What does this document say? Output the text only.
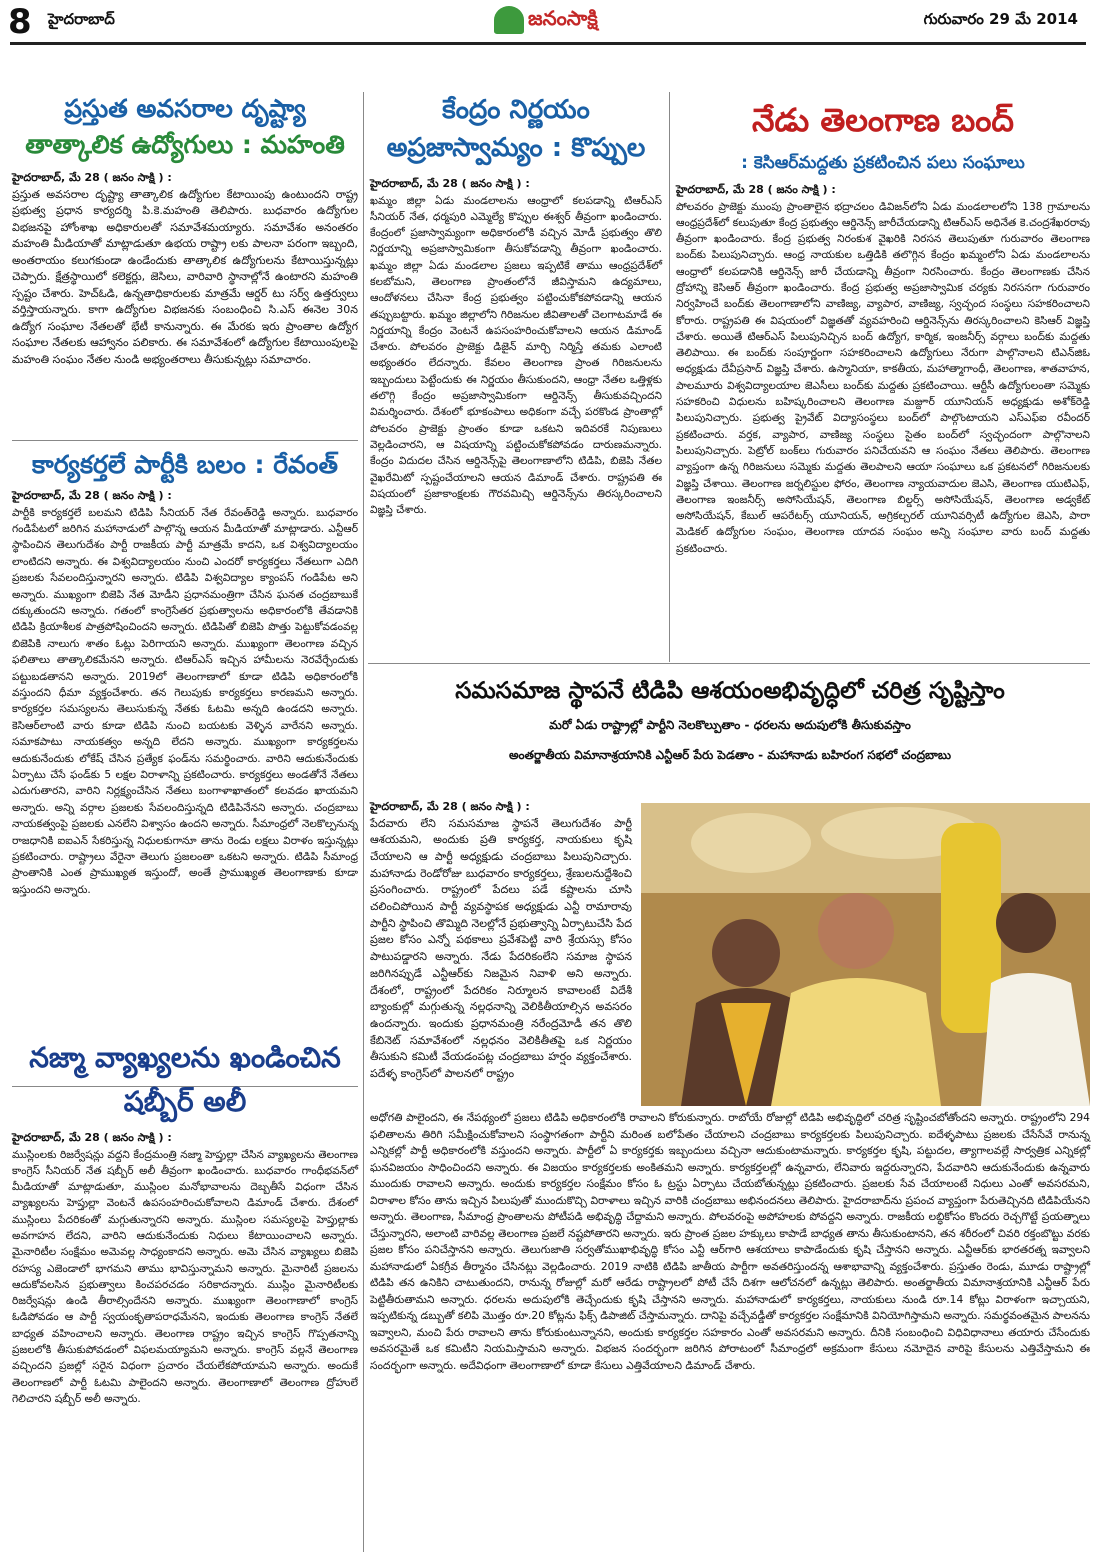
8 హైదరాబాద్	జనంసాక్షి	గురువారం 29 మే 2014

ప్రస్తుత అవసరాల దృష్ట్యా

తాత్కాలిక ఉద్యోగులు : మహంతి

హైదరాబాద్‌, మే 28 ( జనం సాక్షి ) :

ప్రస్తుత అవసరాల దృష్ట్యా తాత్కాలిక ఉద్యోగుల కేటాయింపు ఉంటుందని రాష్ట్ర ప్రభుత్వ ప్రధాన కార్యదర్శి పి.కె.మహంతి తెలిపారు. బుధవారం ఉద్యోగుల విభజనపై హోంశాఖ అధికారులతో సమావేశమయ్యారు. సమావేశం అనంతరం మహంతి మీడియాతో మాట్లాడుతూ ఉభయ రాష్ట్రా లకు పాలనా పరంగా ఇబ్బంది, అంతరాయం కలుగకుండా ఉండేందుకు తాత్కాలిక ఉద్యోగులను కేటాయిస్తున్నట్లు చెప్పారు. క్షేత్రస్థాయిలో కలెక్టర్లు, జెసిలు, వారివారి స్థానాల్లోనే ఉంటారని మహంతి స్పష్టం చేశారు. హెచ్‌ఓడి, ఉన్నతాధికారులకు మాత్రమే ఆర్డర్‌ టు సర్వ్‌ ఉత్తర్వులు వర్తిస్తాయన్నారు. కాగా ఉద్యోగుల విభజనకు సంబంధించి సి.ఎస్‌ ఈనెల 30న ఉద్యోగ సంఘాల నేతలతో భేటీ కానున్నారు. ఈ మేరకు ఇరు ప్రాంతాల ఉద్యోగ సంఘాల నేతలకు ఆహ్వానం పలికారు. ఈ సమావేశంలో ఉద్యోగుల కేటాయింపులపై మహంతి సంఘం నేతల నుండి అభ్యంతరాలు తీసుకున్నట్లు సమాచారం.

కార్యకర్తలే పార్టీకి బలం : రేవంత్‌

హైదరాబాద్‌, మే 28 ( జనం సాక్షి ) :

పార్టీకి కార్యకర్తలే బలమని టిడిపి సీనియర్‌ నేత రేవంత్‌రెడ్డి అన్నారు. బుధవారం గండిపేటలో జరిగిన మహానాడులో పాల్గొన్న ఆయన మీడియాతో మాట్లాడారు. ఎన్టీఆర్‌ స్థాపించిన తెలుగుదేశం పార్టీ రాజకీయ పార్టీ మాత్రమే కాదని, ఒక విశ్వవిద్యాలయం లాంటిదని అన్నారు. ఈ విశ్వవిద్యాలయం నుంచి ఎందరో కార్యకర్తలు నేతలుగా ఎదిగి ప్రజలకు సేవలందిస్తున్నారని అన్నారు. టిడిపి విశ్వవిద్యాల క్యాంపస్‌ గండిపేట అని అన్నారు. ముఖ్యంగా బిజెపి నేత మోడీని ప్రధానమంత్రిగా చేసిన ఘనత చంద్రబాబుకే దక్కుతుందని అన్నారు. గతంలో కాంగ్రెసేతర ప్రభుత్వాలను అధికారంలోకి తేవడానికి టిడిపి క్రియాశీలక పాత్రపోషించిందని అన్నారు. టిడిపితో బిజెపి పొత్తు పెట్టుకోవడంవల్ల బిజెపికి నాలుగు శాతం ఓట్లు పెరిగాయని అన్నారు. ముఖ్యంగా తెలంగాణ వచ్చిన ఫలితాలు తాత్కాలికమేనని అన్నారు. టిఆర్‌ఎస్‌ ఇచ్చిన హామీలను నెరవేర్చేందుకు పట్టుబడతానని అన్నారు. 2019లో తెలంగాణాలో కూడా టిడిపి అధికారంలోకి వస్తుందని ధీమా వ్యక్తంచేశారు. తన గెలుపుకు కార్యకర్తలు కారణమని అన్నారు. కార్యకర్తల సమస్యలను తెలుసుకున్న నేతకు ఓటమి అన్నది ఉండదని అన్నారు. కెసిఆర్‌లాంటి వారు కూడా టిడిపి నుంచి బయటకు వెళ్ళిన వారేనని అన్నారు. సమాకపాటు నాయకత్వం అన్నది లేదని అన్నారు. ముఖ్యంగా కార్యకర్తలను ఆదుకునేందుకు లోకేష్‌ చేసిన ప్రత్యేక ఫండ్‌ను సమర్థించారు. వారిని ఆదుకునేందుకు ఏర్పాటు చేసే ఫండ్‌కు 5 లక్షల విరాళాన్ని ప్రకటించారు. కార్యకర్తలు అండతోనే నేతలు ఎదుగుతారని, వారిని నిర్లక్ష్యంచేసిన నేతలు బంగాళాఖాతంలో కలవడం ఖాయమని అన్నారు. అన్ని వర్గాల ప్రజలకు సేవలందిస్తున్నది టిడిపినేనని అన్నారు. చంద్రబాబు నాయకత్వంపై ప్రజలకు ఎనలేని విశ్వాసం ఉందని అన్నారు. సీమాంధ్రలో నెలకొల్పనున్న రాజధానికి ఐఐఎన్‌ సేకరిస్తున్న నిధులకుగానూ తాను రెండు లక్షలు విరాళం ఇస్తున్నట్లు ప్రకటించారు. రాష్ట్రాలు వేరైనా తెలుగు ప్రజలంతా ఒకటని అన్నారు. టిడిపి సీమాంధ్ర ప్రాంతానికి ఎంత ప్రాముఖ్యత ఇస్తుందో, అంతే ప్రాముఖ్యత తెలంగాణాకు కూడా ఇస్తుందని అన్నారు.

నజ్మా వ్యాఖ్యలను ఖండించిన

షబ్బీర్‌ అలీ

హైదరాబాద్‌, మే 28 ( జనం సాక్షి ) :

ముస్లింలకు రిజర్వేషన్లు వద్దని కేంద్రమంత్రి నజ్మా హెప్తుల్లా చేసిన వ్యాఖ్యలను తెలంగాణ కాంగ్రెస్‌ సీనియర్‌ నేత షబ్బీర్‌ అలీ తీవ్రంగా ఖండించారు. బుధవారం గాంధీభవన్‌లో మీడియాతో మాట్లాడుతూ, ముస్లింల మనోభావాలను దెబ్బతీసే విధంగా చేసిన వ్యాఖ్యలను హెప్తుల్లా వెంటనే ఉపసంహరించుకోవాలని డిమాండ్‌ చేశారు. దేశంలో ముస్లింలు పేదరికంతో మగ్గుతున్నారని అన్నారు. ముస్లింల సమస్యలపై హెప్తుల్లాకు అవగాహన లేదని, వారిని ఆదుకునేందుకు నిధులు కేటాయించాలని అన్నారు. మైనారిటీల సంక్షేమం అమెవల్ల సాధ్యంకాదని అన్నారు. అమె చేసిన వ్యాఖ్యలు బిజెపి రహస్య ఎజెండాలో భాగమని తాము భావిస్తున్నామని అన్నారు. మైనారిటీ ప్రజలను ఆదుకోవలసిన ప్రభుత్వాలు కించపరచడం సరికాదన్నారు. ముస్లిం మైనారిటీలకు రిజర్వేషన్లు ఉండి తీరాల్సిందేనని అన్నారు. ముఖ్యంగా తెలంగాణాలో కాంగ్రెస్‌ ఓడిపోవడం ఆ పార్టీ స్వయంకృతాపరాధమేనని, ఇందుకు తెలంగాణ కాంగ్రెస్‌ నేతలే బాధ్యత వహించాలని అన్నారు. తెలంగాణ రాష్ట్రం ఇచ్చిన కాంగ్రెస్‌ గొప్పతనాన్ని ప్రజలలోకి తీసుకుపోవడంలో విఫలమయ్యామని అన్నారు. కాంగ్రెస్‌ వల్లనే తెలంగాణ వచ్చిందని ప్రజల్లో సరైన విధంగా ప్రచారం చేయలేకపోయామని అన్నారు. అందుకే తెలంగాణలో పార్టీ ఓటమి పాలైందని అన్నారు. తెలంగాణాలో తెలంగాణ ద్రోహులే గెలిచారని షబ్బీర్‌ అలీ అన్నారు.

కేంద్రం నిర్ణయం

అప్రజాస్వామ్యం : కొప్పుల

హైదరాబాద్‌, మే 28 ( జనం సాక్షి ) :

ఖమ్మం జిల్లా ఏడు మండలాలను ఆంధ్రాలో కలపడాన్ని టిఆర్‌ఎస్‌ సీనియర్‌ నేత, ధర్మపురి ఎమ్మెల్యే కొప్పుల ఈశ్వర్‌ తీవ్రంగా ఖండించారు. కేంద్రంలో ప్రజాస్వామ్యంగా అధికారంలోకి వచ్చిన మోడీ ప్రభుత్వం తొలి నిర్ణయాన్ని అప్రజాస్వామికంగా తీసుకోవడాన్ని తీవ్రంగా ఖండించారు. ఖమ్మం జిల్లా ఏడు మండలాల ప్రజలు ఇప్పటికే తాము ఆంధ్రప్రదేశ్‌లో కలబోమని, తెలంగాణ ప్రాంతంలోనే జీవిస్తామని ఉద్యమాలు, ఆందోళనలు చేసినా కేంద్ర ప్రభుత్వం పట్టించుకోకపోవడాన్ని ఆయన తప్పుబట్టారు. ఖమ్మం జిల్లాలోని గిరిజనుల జీవితాలతో చెలగాటమాడే ఈ నిర్ణయాన్ని కేంద్రం వెంటనే ఉపసంహరించుకోవాలని ఆయన డిమాండ్‌ చేశారు. పోలవరం ప్రాజెక్టు డిజైన్‌ మార్చి నిర్మిస్తే తమకు ఎలాంటి అభ్యంతరం లేదన్నారు. కేవలం తెలంగాణ ప్రాంత గిరిజనులను ఇబ్బందులు పెట్టేందుకు ఈ నిర్ణయం తీసుకుందని, ఆంధ్రా నేతల ఒత్తిళ్లకు తలొగ్గి కేంద్రం అప్రజాస్వామికంగా ఆర్డినెన్స్‌ తీసుకువచ్చిందని విమర్శించారు. దేశంలో భూకంపాలు అధికంగా వచ్చే పరకొండ ప్రాంతాల్లో పోలవరం ప్రాజెక్టు ప్రాంతం కూడా ఒకటని ఇదివరకే నిపుణులు వెల్లడించారని, ఆ విషయాన్ని పట్టించుకోకపోవడం దారుణమన్నారు. కేంద్రం విదుదల చేసిన ఆర్డినెన్స్‌పై తెలంగాణాలోని టిడిపి, బిజెపి నేతల వైఖరేమిటో స్పష్టంచేయాలని ఆయన డిమాండ్‌ చేశారు. రాష్ట్రపతి ఈ విషయంలో ప్రజాకాంక్షలకు గౌరవమిచ్చి ఆర్డినెన్స్‌ను తిరస్కరించాలని విజ్ఞప్తి చేశారు.

నేడు తెలంగాణ బంద్‌

: కెసిఆర్‌మద్దతు ప్రకటించిన పలు సంఘాలు

హైదరాబాద్‌, మే 28 ( జనం సాక్షి ) :

పోలవరం ప్రాజెక్టు ముంపు ప్రాంతాలైన భద్రాచలం డివిజన్‌లోని ఏడు మండలాలలోని 138 గ్రామాలను ఆంధ్రప్రదేశ్‌లో కలుపుతూ కేంద్ర ప్రభుత్వం ఆర్డినెన్స్‌ జారీచేయడాన్ని టిఆర్‌ఎస్‌ అధినేత కె.చంద్రశేఖరరావు తీవ్రంగా ఖండించారు. కేంద్ర ప్రభుత్వ నిరంకుశ వైఖరికి నిరసన తెలుపుతూ గురువారం తెలంగాణ బంద్‌కు పిలుపునిచ్చారు. ఆంధ్ర నాయకుల ఒత్తిడికి తలొగ్గిన కేంద్రం ఖమ్మంలోని ఏడు మండలాలను ఆంధ్రాలో కలపడానికి ఆర్డినెన్స్‌ జారీ చేయడాన్ని తీవ్రంగా నిరసించారు. కేంద్రం తెలంగాణకు చేసిన ద్రోహాన్ని కెసిఆర్‌ తీవ్రంగా ఖండించారు. కేంద్ర ప్రభుత్వ అప్రజాస్వామిక చర్యకు నిరసనగా గురువారం నిర్వహించే బంద్‌కు తెలంగాణాలోని వాణిజ్య, వ్యాపార, వాణిజ్య, స్వచ్ఛంద సంస్థలు సహకరించాలని కోరారు. రాష్ట్రపతి ఈ విషయంలో విజ్ఞతతో వ్యవహరించి ఆర్డినెన్స్‌ను తిరస్కరించాలని కెసిఆర్‌ విజ్ఞప్తి చేశారు. అయితే టిఆర్‌ఎస్‌ పిలుపునిచ్చిన బంద్‌ ఉద్యోగ, కార్మిక, ఇంజనీర్స్‌ వర్గాలు బంద్‌కు మద్దతు తెలిపాయి. ఈ బంద్‌కు సంపూర్ణంగా సహకరించాలని ఉద్యోగులు నేరుగా పాల్గొనాలని టిఎన్‌జిఓ అధ్యక్షుడు దేవీప్రసాద్‌ విజ్ఞప్తి చేశారు. ఉస్మానియా, కాకతీయ, మహాత్మాగాంధీ, తెలంగాణ, శాతవాహన, పాలమూరు విశ్వవిద్యాలయాల జెఎసీలు బంద్‌కు మద్దతు ప్రకటించాయి. ఆర్టీసీ ఉద్యోగులంతా సమ్మెకు సహకరించి విధులను బహిష్కరించాలని తెలంగాణ మజ్దూర్‌ యూనియన్‌ అధ్యక్షుడు అశోక్‌రెడ్డి పిలుపునిచ్చారు. ప్రభుత్వ ప్రైవేట్‌ విద్యాసంస్థలు బంద్‌లో పాల్గొంటాయని ఎస్‌ఎఫ్‌ఐ రవీందర్‌ ప్రకటించారు. వర్తక, వ్యాపార, వాణిజ్య సంస్థలు సైతం బంద్‌లో స్వచ్ఛందంగా పాల్గొనాలని పిలుపునిచ్చారు. పెట్రోల్‌ బంక్‌లు గురువారం పనిచేయవని ఆ సంఘం నేతలు తెలిపారు. తెలంగాణ వ్యాప్తంగా ఉన్న గిరిజనులు సమ్మెకు మద్దతు తెలపాలని ఆయా సంఘాలు ఒక ప్రకటనలో గిరిజనులకు విజ్ఞప్తి చేశాయి. తెలంగాణ జర్నలిస్టుల ఫోరం, తెలంగాణ న్యాయవాదుల జెఎసి, తెలంగాణ యుటిఎఫ్‌, తెలంగాణ ఇంజనీర్స్‌ అసోసియేషన్‌, తెలంగాణ బిల్డర్స్‌ అసోసియేషన్‌, తెలంగాణ అడ్వకేట్‌ అసోసియేషన్‌, కేబుల్‌ ఆపరేటర్స్‌ యూనియన్‌, అగ్రికల్చరల్‌ యూనివర్సిటీ ఉద్యోగుల జెఎసి, పారా మెడికల్‌ ఉద్యోగుల సంఘం, తెలంగాణ యాదవ సంఘం అన్ని సంఘాల వారు బంద్‌ మద్దతు ప్రకటించారు.

సమసమాజ స్థాపనే టిడిపి ఆశయంఅభివృద్ధిలో చరిత్ర సృష్టిస్తాం

మరో ఏడు రాష్ట్రాల్లో పార్టీని నెలకొల్పుతాం - ధరలను అదుపులోకి తీసుకువస్తాం

అంతర్జాతీయ విమానాశ్రయానికి ఎన్టీఆర్‌ పేరు పెడతాం - మహానాడు బహిరంగ సభలో చంద్రబాబు

హైదరాబాద్‌, మే 28 ( జనం సాక్షి ) :

పేదవారు లేని సమసమాజ స్థాపనే తెలుగుదేశం పార్టీ ఆశయమని, అందుకు ప్రతి కార్యకర్త, నాయకులు కృషి చేయాలని ఆ పార్టీ అధ్యక్షుడు చంద్రబాబు పిలుపునిచ్చారు. మహానాడు రెండోరోజు బుధవారం కార్యకర్తలు, శ్రేణులనుద్దేశించి ప్రసంగించారు. రాష్ట్రంలో పేదలు పడే కష్టాలను చూసి చలించిపోయిన పార్టీ వ్యవస్థాపక అధ్యక్షుడు ఎన్టీ రామారావు పార్టీని స్థాపించి తొమ్మిది నెలల్లోనే ప్రభుత్వాన్ని ఏర్పాటుచేసి పేద ప్రజల కోసం ఎన్నో పథకాలు ప్రవేశపెట్టి వారి శ్రేయస్సు కోసం పాటుపడ్డారని అన్నారు. నేడు పేదరికంలేని సమాజ స్థాపన జరిగినప్పుడే ఎన్టీఆర్‌కు నిజమైన నివాళి అని అన్నారు. దేశంలో, రాష్ట్రంలో పేదరికం నిర్మూలన కావాలంటే విదేశీ బ్యాంకుల్లో మగ్గుతున్న నల్లధనాన్ని వెలికితీయాల్సిన అవసరం ఉందన్నారు. ఇందుకు ప్రధానమంత్రి నరేంద్రమోడీ తన తొలి కేబినెట్‌ సమావేశంలో నల్లధనం వెలికితీతపై ఒక నిర్ణయం తీసుకుని కమిటీ వేయడంపట్ల చంద్రబాబు హర్షం వ్యక్తంచేశారు. పదేళ్ళ కాంగ్రెస్‌లో పాలనలో రాష్ట్రం

అధోగతి పాలైందని, ఈ నేపథ్యంలో ప్రజలు టిడిపి అధికారంలోకి రావాలని కోరుకున్నారు. రాబోయే రోజుల్లో టిడిపి అభివృద్ధిలో చరిత్ర సృష్టించబోతోందని అన్నారు. రాష్ట్రంలోని 294 ఫలితాలను తిరిగి సమీక్షించుకోవాలని సంస్థాగతంగా పార్టీని మరింత బలోపేతం చేయాలని చంద్రబాబు కార్యకర్తలకు పిలుపునిచ్చారు. ఐదేళ్ళపాటు ప్రజలకు చేసేసేవే రానున్న ఎన్నికల్లో పార్టీ అధికారంలోకి వస్తుందని అన్నారు. పార్టీలో ఏ కార్యకర్తకు ఇబ్బందులు వచ్చినా ఆదుకుంటామన్నారు. కార్యకర్తల కృషి, పట్టుదల, త్యాగాలవల్లే సార్వత్రిక ఎన్నికల్లో ఘనవిజయం సాధించిందని అన్నారు. ఈ విజయం కార్యకర్తలకు అంకితమని అన్నారు. కార్యకర్తలల్లో ఉన్నవారు, లేనివారు ఇద్దరున్నారని, పేదవారిని ఆదుకునేందుకు ఉన్నవారు ముందుకు రావాలని అన్నారు. అందుకు కార్యకర్తల సంక్షేమం కోసం ఓ ట్రస్టు ఏర్పాటు చేయబోతున్నట్లు ప్రకటించారు. ప్రజలకు సేవ చేయాలంటే నిధులు ఎంతో అవసరమని, విరాళాల కోసం తాను ఇచ్చిన పిలుపుతో ముందుకొచ్చి విరాళాలు ఇచ్చిన వారికి చంద్రబాబు అభినందనలు తెలిపారు. హైదరాబాద్‌ను ప్రపంచ వ్యాప్తంగా పేరుతెచ్చినది టిడిపియేనని అన్నారు. తెలంగాణ, సీమాంధ్ర ప్రాంతాలను పోటీపడి అభివృద్ధి చేద్దామని అన్నారు. పోలవరంపై అపోహలకు పోవద్దని అన్నారు. రాజకీయ లబ్ధికోసం కొందరు రెచ్చగొట్టే ప్రయత్నాలు చేస్తున్నారని, అలాంటి వారివల్ల తెలంగాణ ప్రజలే నష్టపోతారని అన్నారు. ఇరు ప్రాంత ప్రజల హక్కులు కాపాడే బాధ్యత తాను తీసుకుంటానని, తన శరీరంలో చివరి రక్తంబొట్టు వరకు ప్రజల కోసం పనిచేస్తానని అన్నారు. తెలుగుజాతి సర్వతోముఖాభివృద్ధి కోసం ఎన్టీ ఆర్‌గారి ఆశయాలు కాపాడేందుకు కృషి చేస్తానని అన్నారు. ఎన్టీఆర్‌కు భారతరత్న ఇవ్వాలని మహానాడులో ఏకగ్రీవ తీర్మానం చేసినట్లు వెల్లడించారు. 2019 నాటికి టిడిపి జాతీయ పార్టీగా అవతరిస్తుందన్న ఆశాభావాన్ని వ్యక్తంచేశారు. ప్రస్తుతం రెండు, మూడు రాష్ట్రాల్లో టిడిపి తన ఉనికిని చాటుతుందని, రానున్న రోజుల్లో మరో ఆరేడు రాష్ట్రాలలో పోటీ చేసే దిశగా ఆలోచనలో ఉన్నట్లు తెలిపారు. అంతర్జాతీయ విమానాశ్రయానికి ఎన్టీఆర్‌ పేరు పెట్టితీరుతామని అన్నారు. ధరలను అదుపులోకి తెచ్చేందుకు కృషి చేస్తానని అన్నారు. మహానాడులో కార్యకర్తలు, నాయకులు నుండి రూ.14 కోట్లు విరాళంగా ఇచ్చాయని, ఇప్పటికున్న డబ్బుతో కలిపి మొత్తం రూ.20 కోట్లను ఫిక్స్‌ డిపాజిట్‌ చేస్తామన్నారు. దానిపై వచ్చేవడ్డీతో కార్యకర్తల సంక్షేమానికి వినియోగిస్తామని అన్నారు. సమర్థవంతమైన పాలనను ఇవ్వాలని, మంచి పేరు రావాలని తాను కోరుకుంటున్నానని, అందుకు కార్యకర్తల సహకారం ఎంతో అవసరమని అన్నారు. దీనికి సంబంధించి విధివిధానాలు తయారు చేసేందుకు అవసరమైతే ఒక కమిటీని నియమిస్తామని అన్నారు. విభజన సందర్భంగా జరిగిన పోరాటంలో సీమాంధ్రలో అక్రమంగా కేసులు నమోదైన వారిపై కేసులను ఎత్తివేస్తామని ఈ సందర్భంగా అన్నారు. అదేవిధంగా తెలంగాణాలో కూడా కేసులు ఎత్తివేయాలని డిమాండ్‌ చేశారు.
